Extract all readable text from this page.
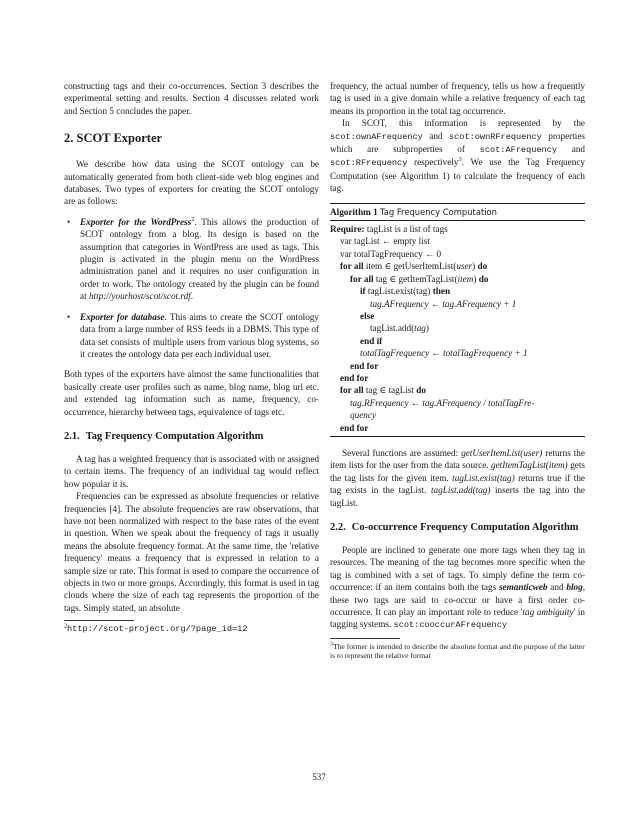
constructing tags and their co-occurrences. Section 3 describes the experimental setting and results. Section 4 discusses related work and Section 5 concludes the paper.

2. SCOT Exporter

We describe how data using the SCOT ontology can be automatically generated from both client-side web blog engines and databases. Two types of exporters for creating the SCOT ontology are as follows:

• Exporter for the WordPress$^2$. This allows the production of SCOT ontology from a blog. Its design is based on the assumption that categories in WordPress are used as tags. This plugin is activated in the plugin menu on the WordPress administration panel and it requires no user configuration in order to work. The ontology created by the plugin can be found at http://yourhost/scot/scot.rdf.
• Exporter for database. This aims to create the SCOT ontology data from a large number of RSS feeds in a DBMS. This type of data set consists of multiple users from various blog systems, so it creates the ontology data per each individual user.

Both types of the exporters have almost the same functionalities that basically create user profiles such as name, blog name, blog url etc. and extended tag information such as name, frequency, co-occurrence, hierarchy between tags, equivalence of tags etc.

2.1. Tag Frequency Computation Algorithm

A tag has a weighted frequency that is associated with or assigned to certain items. The frequency of an individual tag would reflect how popular it is.

Frequencies can be expressed as absolute frequencies or relative frequencies [4]. The absolute frequencies are raw observations, that have not been normalized with respect to the base rates of the event in question. When we speak about the frequency of tags it usually means the absolute frequency format. At the same time, the 'relative frequency' means a frequency that is expressed in relation to a sample size or rate. This format is used to compare the occurrence of objects in two or more groups. Accordingly, this format is used in tag clouds where the size of each tag represents the proportion of the tags. Simply stated, an absolute

$^2$http://scot-project.org/?page_id=12

frequency, the actual number of frequency, tells us how a frequently tag is used in a give domain while a relative frequency of each tag means its proportion in the total tag occurrence.

In SCOT, this information is represented by the scot:ownAFrequency and scot:ownRFrequency properties which are subproperties of scot:AFrequency and scot:RFrequency respectively$^3$. We use the Tag Frequency Computation (see Algorithm 1) to calculate the frequency of each tag.

Algorithm 1 Tag Frequency Computation
Require: tagList is a list of tags
var tagList ← empty list
var totalTagFrequency ← 0
for all item ∈ getUserItemList(user) do
for all tag ∈ getItemTagList(item) do
if tagList.exist(tag) then
tag.AFrequency ← tag.AFrequency + 1
else
tagList.add(tag)
end if
totalTagFrequency ← totalTagFrequency + 1
end for
end for
for all tag ∈ tagList do
tag.RFrequency ← tag.AFrequency / totalTagFre-
quency
end for

Several functions are assumed: getUserItemList(user) returns the item lists for the user from the data source. getItemTagList(item) gets the tag lists for the given item. tagList.exist(tag) returns true if the tag exists in the tagList. tagList.add(tag) inserts the tag into the tagList.

2.2. Co-occurrence Frequency Computation Algorithm

People are inclined to generate one more tags when they tag in resources. The meaning of the tag becomes more specific when the tag is combined with a set of tags. To simply define the term co-occurrence: if an item contains both the tags semanticweb and blog, these two tags are said to co-occur or have a first order co-occurrence. It can play an important role to reduce 'tag ambiguity' in tagging systems. scot:cooccurAFrequency

$^3$The former is intended to describe the absolute format and the purpose of the latter is to represent the relative format
537
